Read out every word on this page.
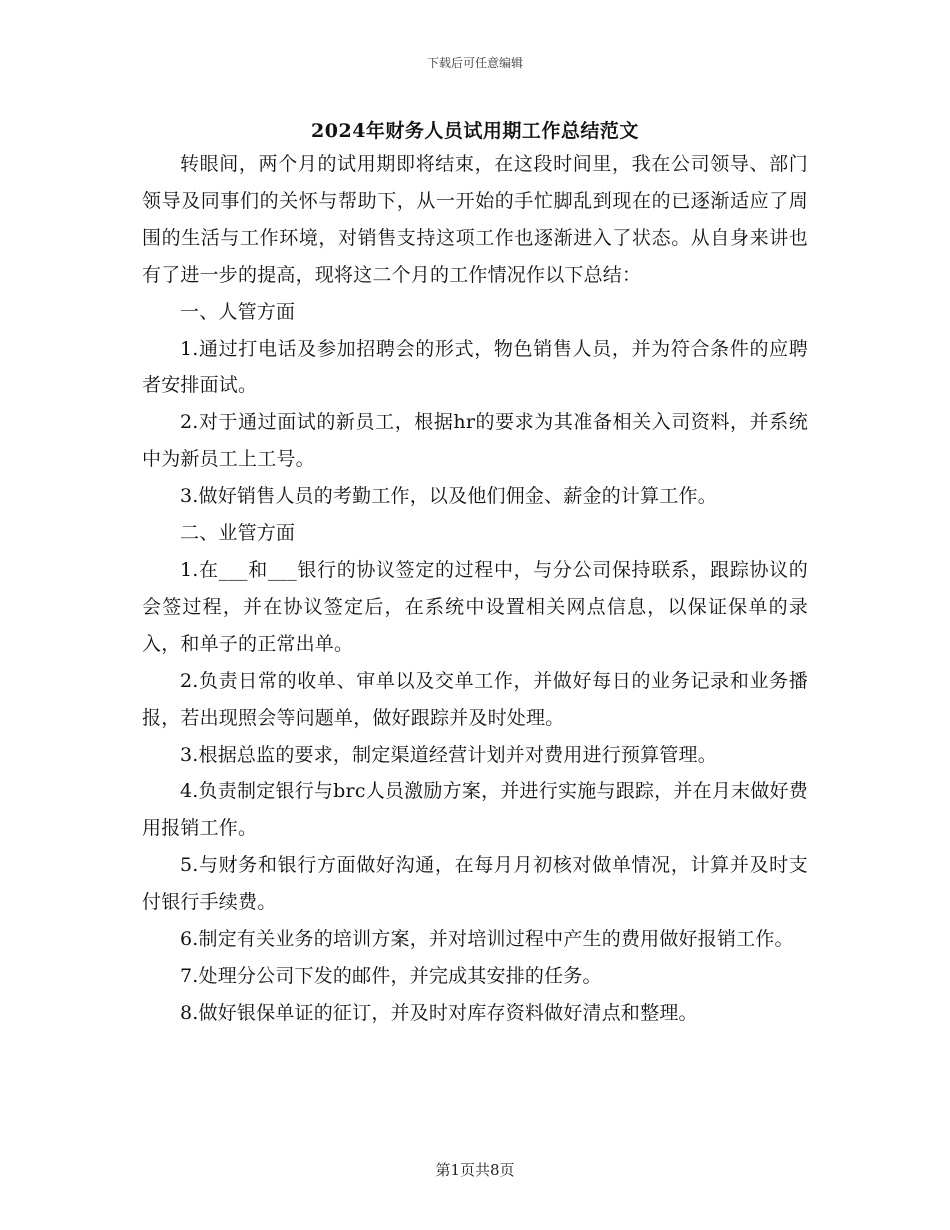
下载后可任意编辑
2024年财务人员试用期工作总结范文

转眼间，两个月的试用期即将结束，在这段时间里，我在公司领导、部门领导及同事们的关怀与帮助下，从一开始的手忙脚乱到现在的已逐渐适应了周围的生活与工作环境，对销售支持这项工作也逐渐进入了状态。从自身来讲也有了进一步的提高，现将这二个月的工作情况作以下总结：

一、人管方面

1.通过打电话及参加招聘会的形式，物色销售人员，并为符合条件的应聘者安排面试。

2.对于通过面试的新员工，根据hr的要求为其准备相关入司资料，并系统中为新员工上工号。

3.做好销售人员的考勤工作，以及他们佣金、薪金的计算工作。

二、业管方面

1.在___和___银行的协议签定的过程中，与分公司保持联系，跟踪协议的会签过程，并在协议签定后，在系统中设置相关网点信息，以保证保单的录入，和单子的正常出单。

2.负责日常的收单、审单以及交单工作，并做好每日的业务记录和业务播报，若出现照会等问题单，做好跟踪并及时处理。

3.根据总监的要求，制定渠道经营计划并对费用进行预算管理。

4.负责制定银行与brc人员激励方案，并进行实施与跟踪，并在月末做好费用报销工作。

5.与财务和银行方面做好沟通，在每月月初核对做单情况，计算并及时支付银行手续费。

6.制定有关业务的培训方案，并对培训过程中产生的费用做好报销工作。

7.处理分公司下发的邮件，并完成其安排的任务。

8.做好银保单证的征订，并及时对库存资料做好清点和整理。

第1页共8页
